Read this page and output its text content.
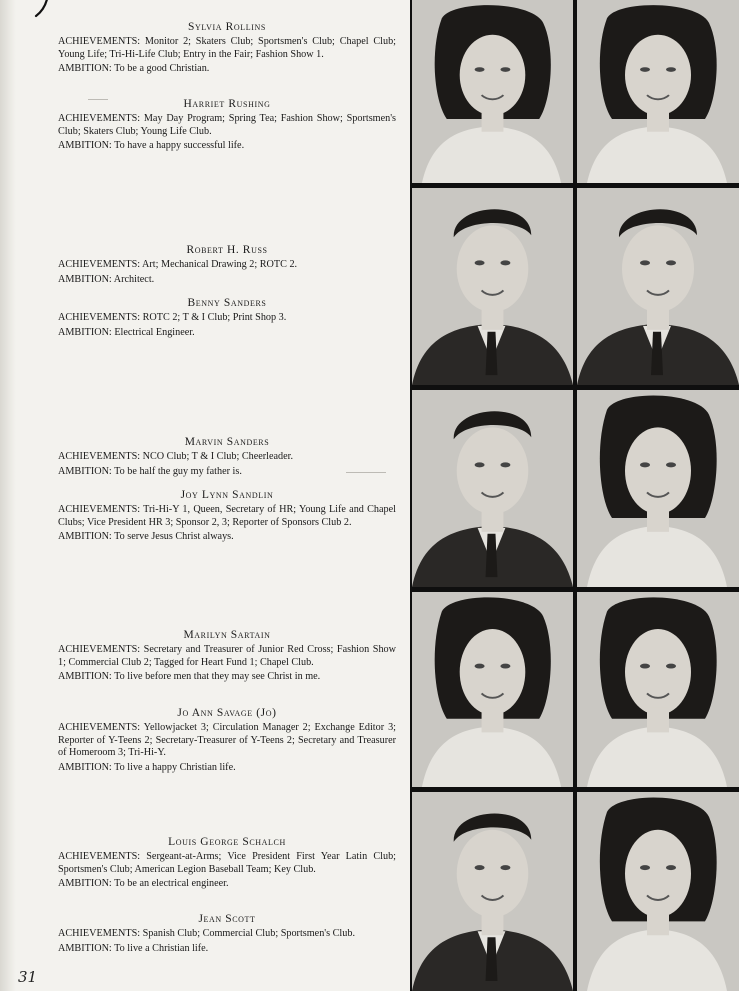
31
Sylvia Rollins

ACHIEVEMENTS: Monitor 2; Skaters Club; Sportsmen's Club; Chapel Club; Young Life; Tri-Hi-Life Club; Entry in the Fair; Fashion Show 1.

AMBITION: To be a good Christian.

Harriet Rushing

ACHIEVEMENTS: May Day Program; Spring Tea; Fashion Show; Sportsmen's Club; Skaters Club; Young Life Club.

AMBITION: To have a happy successful life.

Robert H. Russ

ACHIEVEMENTS: Art; Mechanical Drawing 2; ROTC 2.

AMBITION: Architect.

Benny Sanders

ACHIEVEMENTS: ROTC 2; T & I Club; Print Shop 3.

AMBITION: Electrical Engineer.

Marvin Sanders

ACHIEVEMENTS: NCO Club; T & I Club; Cheerleader.

AMBITION: To be half the guy my father is.

Joy Lynn Sandlin

ACHIEVEMENTS: Tri-Hi-Y 1, Queen, Secretary of HR; Young Life and Chapel Clubs; Vice President HR 3; Sponsor 2, 3; Reporter of Sponsors Club 2.

AMBITION: To serve Jesus Christ always.

Marilyn Sartain

ACHIEVEMENTS: Secretary and Treasurer of Junior Red Cross; Fashion Show 1; Commercial Club 2; Tagged for Heart Fund 1; Chapel Club.

AMBITION: To live before men that they may see Christ in me.

Jo Ann Savage (Jo)

ACHIEVEMENTS: Yellowjacket 3; Circulation Manager 2; Exchange Editor 3; Reporter of Y-Teens 2; Secretary-Treasurer of Y-Teens 2; Secretary and Treasurer of Homeroom 3; Tri-Hi-Y.

AMBITION: To live a happy Christian life.

Louis George Schalch

ACHIEVEMENTS: Sergeant-at-Arms; Vice President First Year Latin Club; Sportsmen's Club; American Legion Baseball Team; Key Club.

AMBITION: To be an electrical engineer.

Jean Scott

ACHIEVEMENTS: Spanish Club; Commercial Club; Sportsmen's Club.

AMBITION: To live a Christian life.
